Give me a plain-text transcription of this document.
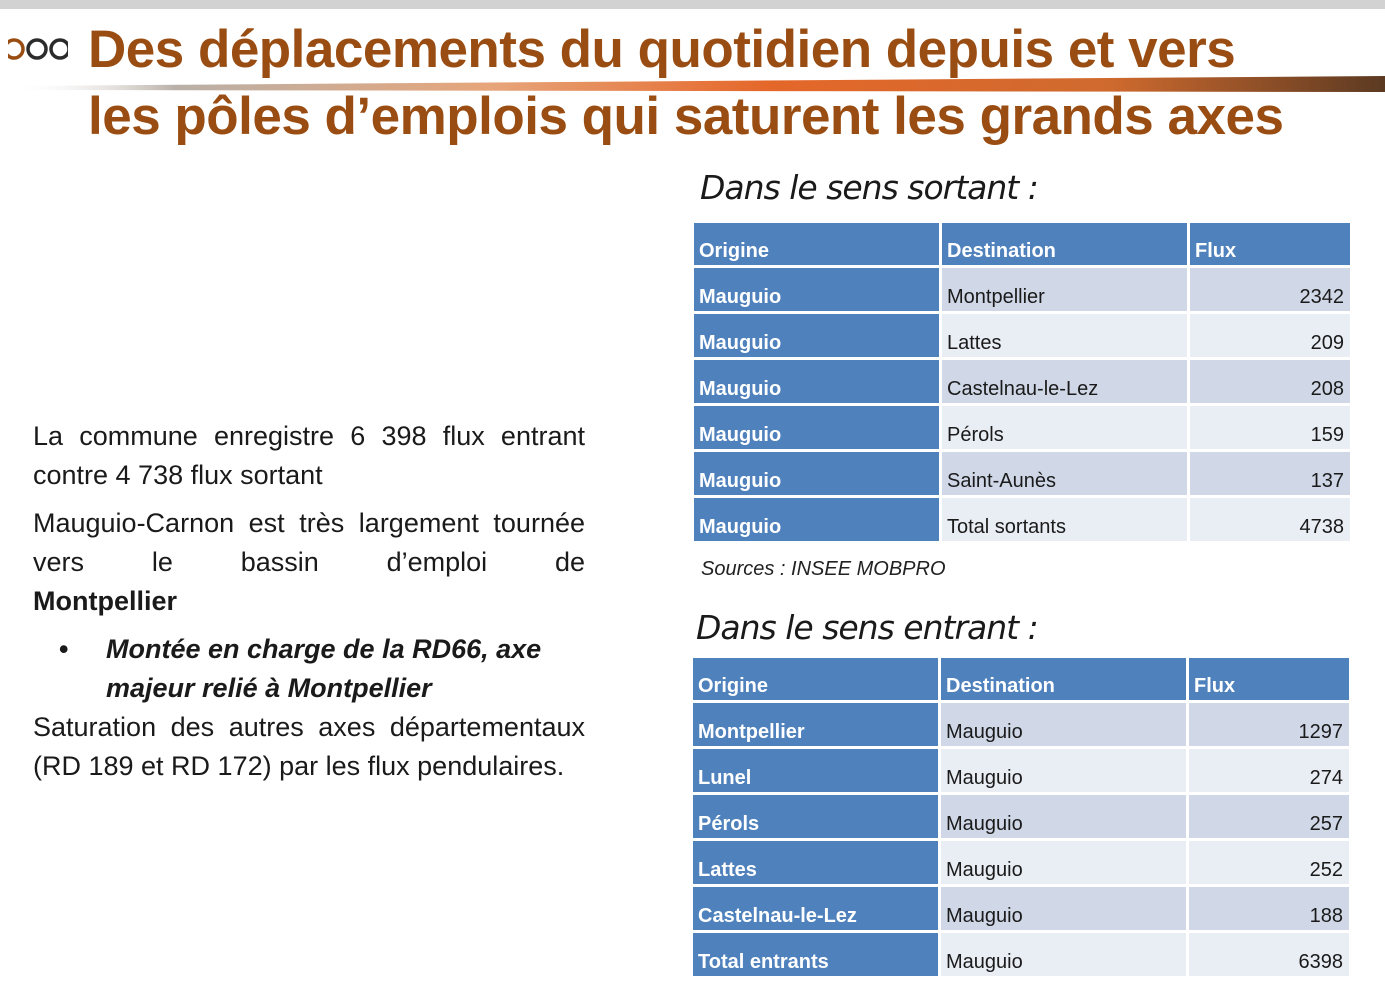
Des déplacements du quotidien depuis et vers
les pôles d’emplois qui saturent les grands axes

La commune enregistre 6 398 flux entrant contre 4 738 flux sortant

Mauguio-Carnon est très largement tournée vers le bassin d’emploi de

Montpellier

• Montée en charge de la RD66, axe majeur relié à Montpellier

Saturation des autres axes départementaux (RD 189 et RD 172) par les flux pendulaires.

Dans le sens sortant :
Origine	Destination	Flux
Mauguio	Montpellier	2342
Mauguio	Lattes	209
Mauguio	Castelnau-le-Lez	208
Mauguio	Pérols	159
Mauguio	Saint-Aunès	137
Mauguio	Total sortants	4738
Sources : INSEE MOBPRO
Dans le sens entrant :
Origine	Destination	Flux
Montpellier	Mauguio	1297
Lunel	Mauguio	274
Pérols	Mauguio	257
Lattes	Mauguio	252
Castelnau-le-Lez	Mauguio	188
Total entrants	Mauguio	6398
